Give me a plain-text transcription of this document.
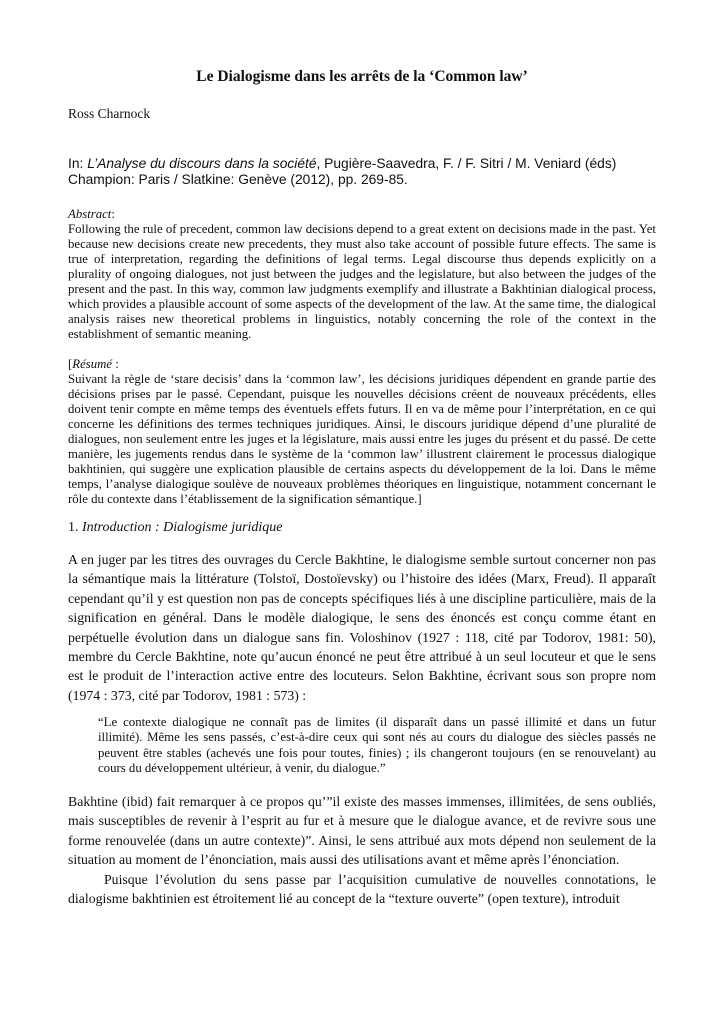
Le Dialogisme dans les arrêts de la ‘Common law’

Ross Charnock

In: L’Analyse du discours dans la société, Pugière-Saavedra, F. / F. Sitri / M. Veniard (éds)
Champion: Paris / Slatkine: Genève (2012), pp. 269-85.

Abstract:
Following the rule of precedent, common law decisions depend to a great extent on decisions made in the past. Yet because new decisions create new precedents, they must also take account of possible future effects. The same is true of interpretation, regarding the definitions of legal terms. Legal discourse thus depends explicitly on a plurality of ongoing dialogues, not just between the judges and the legislature, but also between the judges of the present and the past. In this way, common law judgments exemplify and illustrate a Bakhtinian dialogical process, which provides a plausible account of some aspects of the development of the law. At the same time, the dialogical analysis raises new theoretical problems in linguistics, notably concerning the role of the context in the establishment of semantic meaning.
[Résumé :
Suivant la règle de ‘stare decisis’ dans la ‘common law’, les décisions juridiques dépendent en grande partie des décisions prises par le passé. Cependant, puisque les nouvelles décisions créent de nouveaux précédents, elles doivent tenir compte en même temps des éventuels effets futurs. Il en va de même pour l’interprétation, en ce qui concerne les définitions des termes techniques juridiques. Ainsi, le discours juridique dépend d’une pluralité de dialogues, non seulement entre les juges et la législature, mais aussi entre les juges du présent et du passé. De cette manière, les jugements rendus dans le système de la ‘common law’ illustrent clairement le processus dialogique bakhtinien, qui suggère une explication plausible de certains aspects du développement de la loi. Dans le même temps, l’analyse dialogique soulève de nouveaux problèmes théoriques en linguistique, notamment concernant le rôle du contexte dans l’établissement de la signification sémantique.]

1. Introduction : Dialogisme juridique

A en juger par les titres des ouvrages du Cercle Bakhtine, le dialogisme semble surtout concerner non pas la sémantique mais la littérature (Tolstoï, Dostoïevsky) ou l’histoire des idées (Marx, Freud). Il apparaît cependant qu’il y est question non pas de concepts spécifiques liés à une discipline particulière, mais de la signification en général. Dans le modèle dialogique, le sens des énoncés est conçu comme étant en perpétuelle évolution dans un dialogue sans fin. Voloshinov (1927 : 118, cité par Todorov, 1981: 50), membre du Cercle Bakhtine, note qu’aucun énoncé ne peut être attribué à un seul locuteur et que le sens est le produit de l’interaction active entre des locuteurs. Selon Bakhtine, écrivant sous son propre nom (1974 : 373, cité par Todorov, 1981 : 573) :

“Le contexte dialogique ne connaît pas de limites (il disparaît dans un passé illimité et dans un futur illimité). Même les sens passés, c’est-à-dire ceux qui sont nés au cours du dialogue des siècles passés ne peuvent être stables (achevés une fois pour toutes, finies) ; ils changeront toujours (en se renouvelant) au cours du développement ultérieur, à venir, du dialogue.”

Bakhtine (ibid) fait remarquer à ce propos qu’”il existe des masses immenses, illimitées, de sens oubliés, mais susceptibles de revenir à l’esprit au fur et à mesure que le dialogue avance, et de revivre sous une forme renouvelée (dans un autre contexte)”. Ainsi, le sens attribué aux mots dépend non seulement de la situation au moment de l’énonciation, mais aussi des utilisations avant et même après l’énonciation.

Puisque l’évolution du sens passe par l’acquisition cumulative de nouvelles connotations, le dialogisme bakhtinien est étroitement lié au concept de la “texture ouverte” (open texture), introduit
